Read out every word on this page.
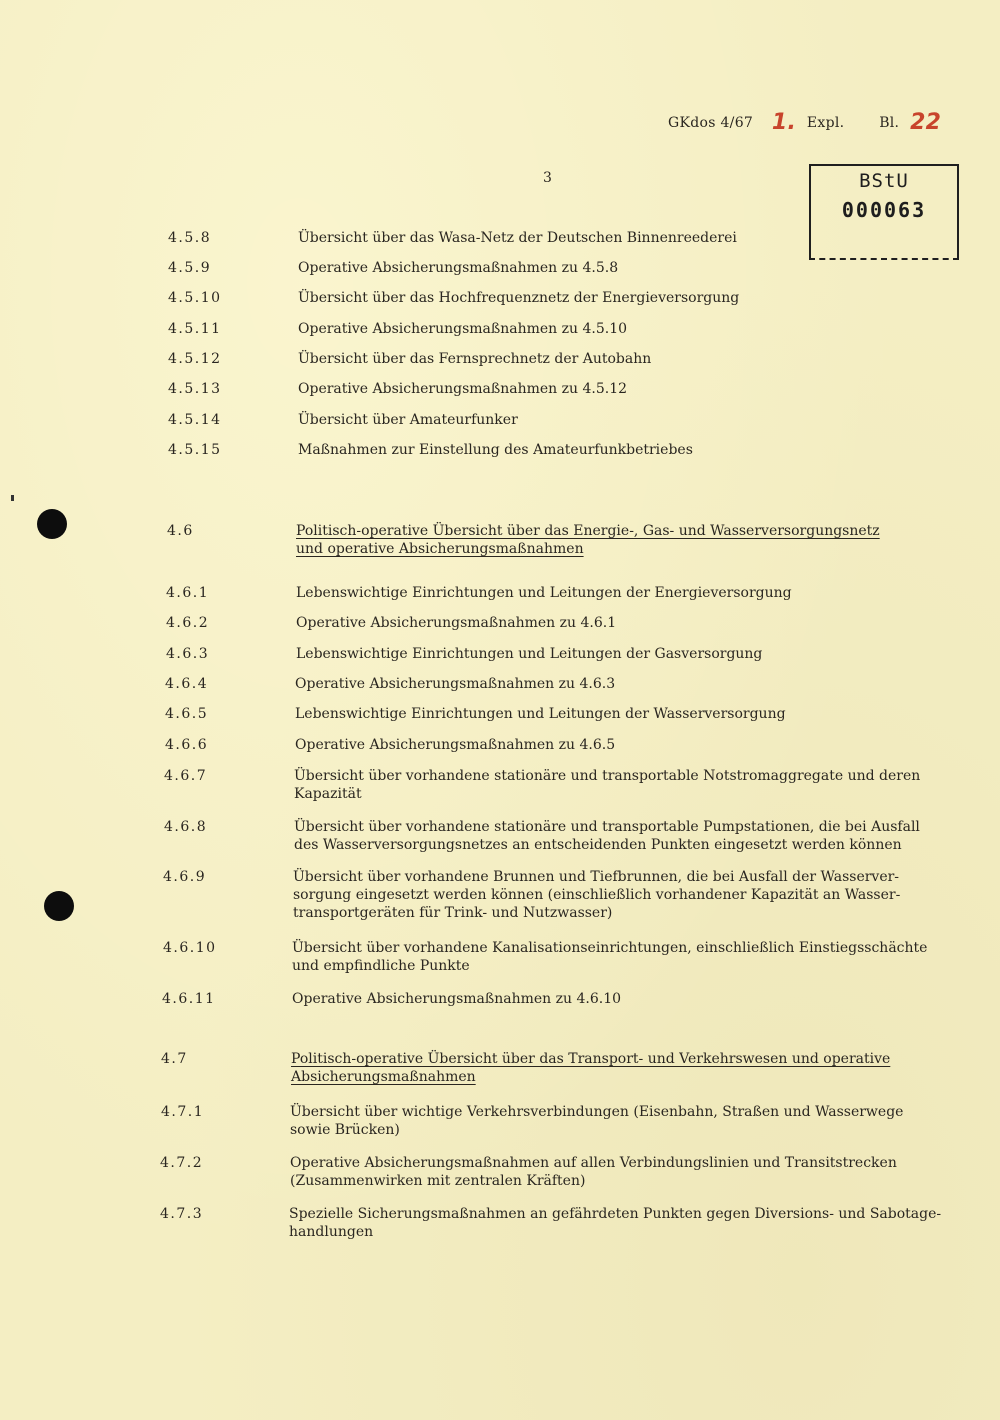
GKdos 4/67 1. Expl. Bl. 22
3	BStU
000063
4.5.8	Übersicht über das Wasa-Netz der Deutschen Binnenreederei
4.5.9	Operative Absicherungsmaßnahmen zu 4.5.8
4.5.10	Übersicht über das Hochfrequenznetz der Energieversorgung
4.5.11	Operative Absicherungsmaßnahmen zu 4.5.10
4.5.12	Übersicht über das Fernsprechnetz der Autobahn
4.5.13	Operative Absicherungsmaßnahmen zu 4.5.12
4.5.14	Übersicht über Amateurfunker
4.5.15	Maßnahmen zur Einstellung des Amateurfunkbetriebes
4.6	Politisch-operative Übersicht über das Energie-, Gas- und Wasserversorgungsnetz
und operative Absicherungsmaßnahmen
4.6.1	Lebenswichtige Einrichtungen und Leitungen der Energieversorgung
4.6.2	Operative Absicherungsmaßnahmen zu 4.6.1
4.6.3	Lebenswichtige Einrichtungen und Leitungen der Gasversorgung
4.6.4	Operative Absicherungsmaßnahmen zu 4.6.3
4.6.5	Lebenswichtige Einrichtungen und Leitungen der Wasserversorgung
4.6.6	Operative Absicherungsmaßnahmen zu 4.6.5
4.6.7	Übersicht über vorhandene stationäre und transportable Notstromaggregate und deren
Kapazität
4.6.8	Übersicht über vorhandene stationäre und transportable Pumpstationen, die bei Ausfall
des Wasserversorgungsnetzes an entscheidenden Punkten eingesetzt werden können
4.6.9	Übersicht über vorhandene Brunnen und Tiefbrunnen, die bei Ausfall der Wasserver-
sorgung eingesetzt werden können (einschließlich vorhandener Kapazität an Wasser-
transportgeräten für Trink- und Nutzwasser)
4.6.10	Übersicht über vorhandene Kanalisationseinrichtungen, einschließlich Einstiegsschächte
und empfindliche Punkte
4.6.11	Operative Absicherungsmaßnahmen zu 4.6.10
4.7	Politisch-operative Übersicht über das Transport- und Verkehrswesen und operative
Absicherungsmaßnahmen
4.7.1	Übersicht über wichtige Verkehrsverbindungen (Eisenbahn, Straßen und Wasserwege
sowie Brücken)
4.7.2	Operative Absicherungsmaßnahmen auf allen Verbindungslinien und Transitstrecken
(Zusammenwirken mit zentralen Kräften)
4.7.3	Spezielle Sicherungsmaßnahmen an gefährdeten Punkten gegen Diversions- und Sabotage-
handlungen
